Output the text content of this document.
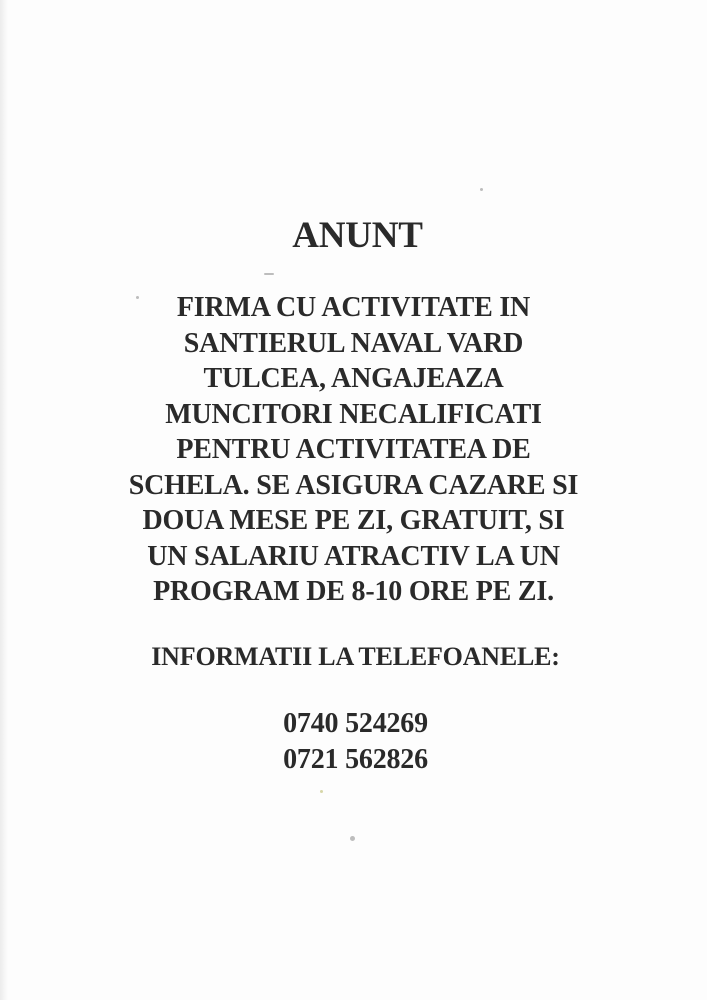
ANUNT
FIRMA CU ACTIVITATE IN
SANTIERUL NAVAL VARD
TULCEA, ANGAJEAZA
MUNCITORI NECALIFICATI
PENTRU ACTIVITATEA DE
SCHELA. SE ASIGURA CAZARE SI
DOUA MESE PE ZI, GRATUIT, SI
UN SALARIU ATRACTIV LA UN
PROGRAM DE 8-10 ORE PE ZI.
INFORMATII LA TELEFOANELE:
0740 524269
0721 562826
